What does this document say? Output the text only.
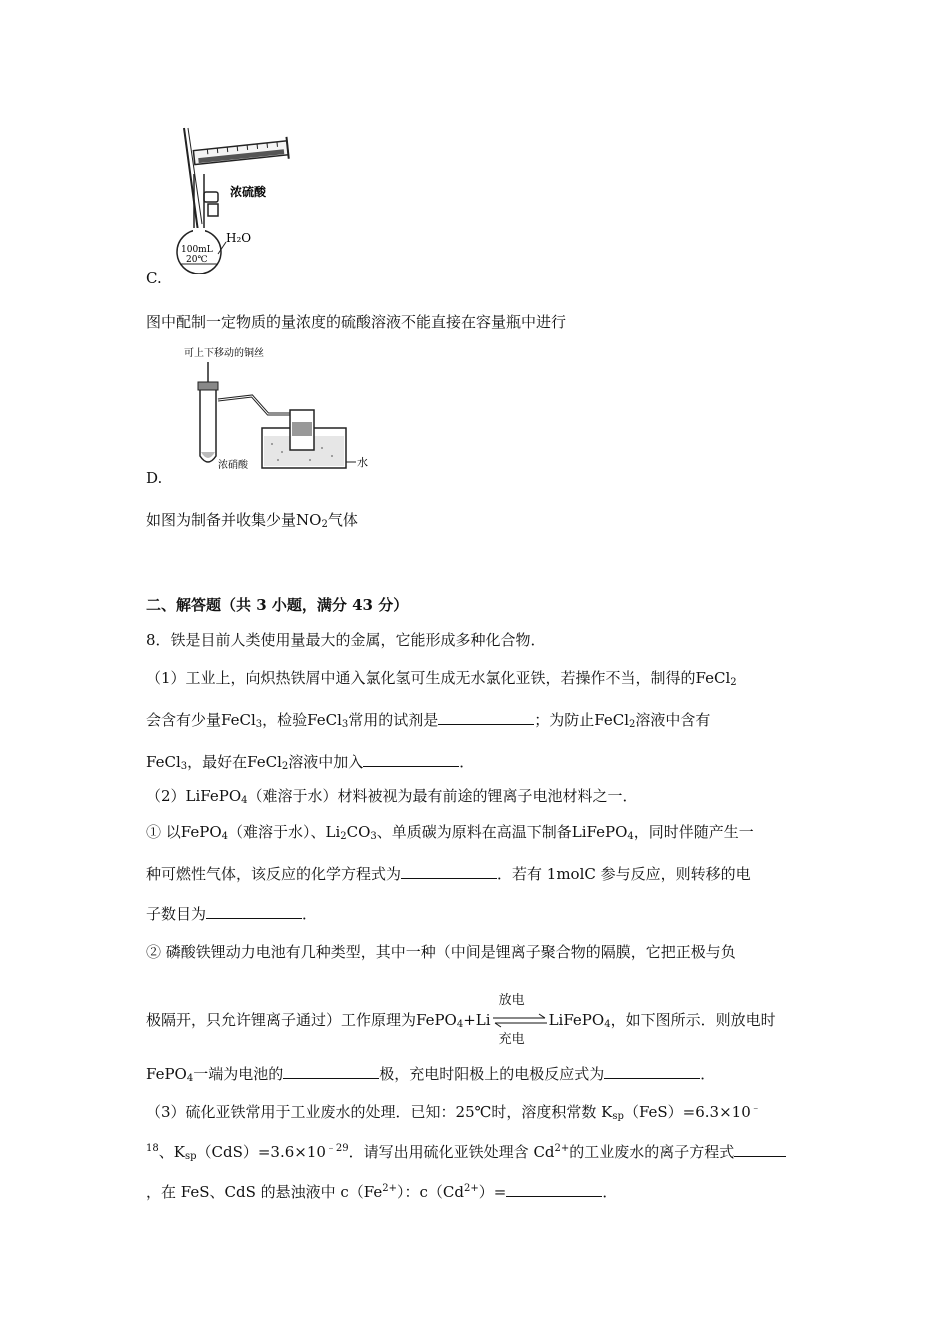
100mL
20℃
H₂O
浓硫酸
C.
图中配制一定物质的量浓度的硫酸溶液不能直接在容量瓶中进行
可上下移动的铜丝
浓硝酸	水
D.
如图为制备并收集少量$NO_2$气体
二、解答题（共 3 小题，满分 43 分）
8．铁是目前人类使用量最大的金属，它能形成多种化合物．
（1）工业上，向炽热铁屑中通入氯化氢可生成无水氯化亚铁，若操作不当，制得的FeCl$_2$
会含有少量FeCl$_3$，检验FeCl$_3$常用的试剂是	；为防止FeCl$_2$溶液中含有
FeCl$_3$，最好在FeCl$_2$溶液中加入	．
（2）LiFePO$_4$（难溶于水）材料被视为最有前途的锂离子电池材料之一．
① 以FePO$_4$（难溶于水）、$Li_2CO_3$、单质碳为原料在高温下制备LiFePO$_4$，同时伴随产生一
种可燃性气体，该反应的化学方程式为	．若有 1molC 参与反应，则转移的电
子数目为	．
② 磷酸铁锂动力电池有几种类型，其中一种（中间是锂离子聚合物的隔膜，它把正极与负
极隔开，只允许锂离子通过）工作原理为FePO$_4$+Li
放电
充电
LiFePO$_4$，如下图所示．则放电时
FePO$_4$一端为电池的	极，充电时阳极上的电极反应式为	．
（3）硫化亚铁常用于工业废水的处理．已知：25℃时，溶度积常数 $K_{sp}(FeS)=6.3\times 10^﹣$
$^{18}$、$K_{sp}(CdS)=3.6\times 10^{﹣29}$．请写出用硫化亚铁处理含 $Cd^{2+}$的工业废水的离子方程式
，在 FeS、CdS 的悬浊液中 $c(Fe^{2+})$：$c(Cd^{2+})=$	．
